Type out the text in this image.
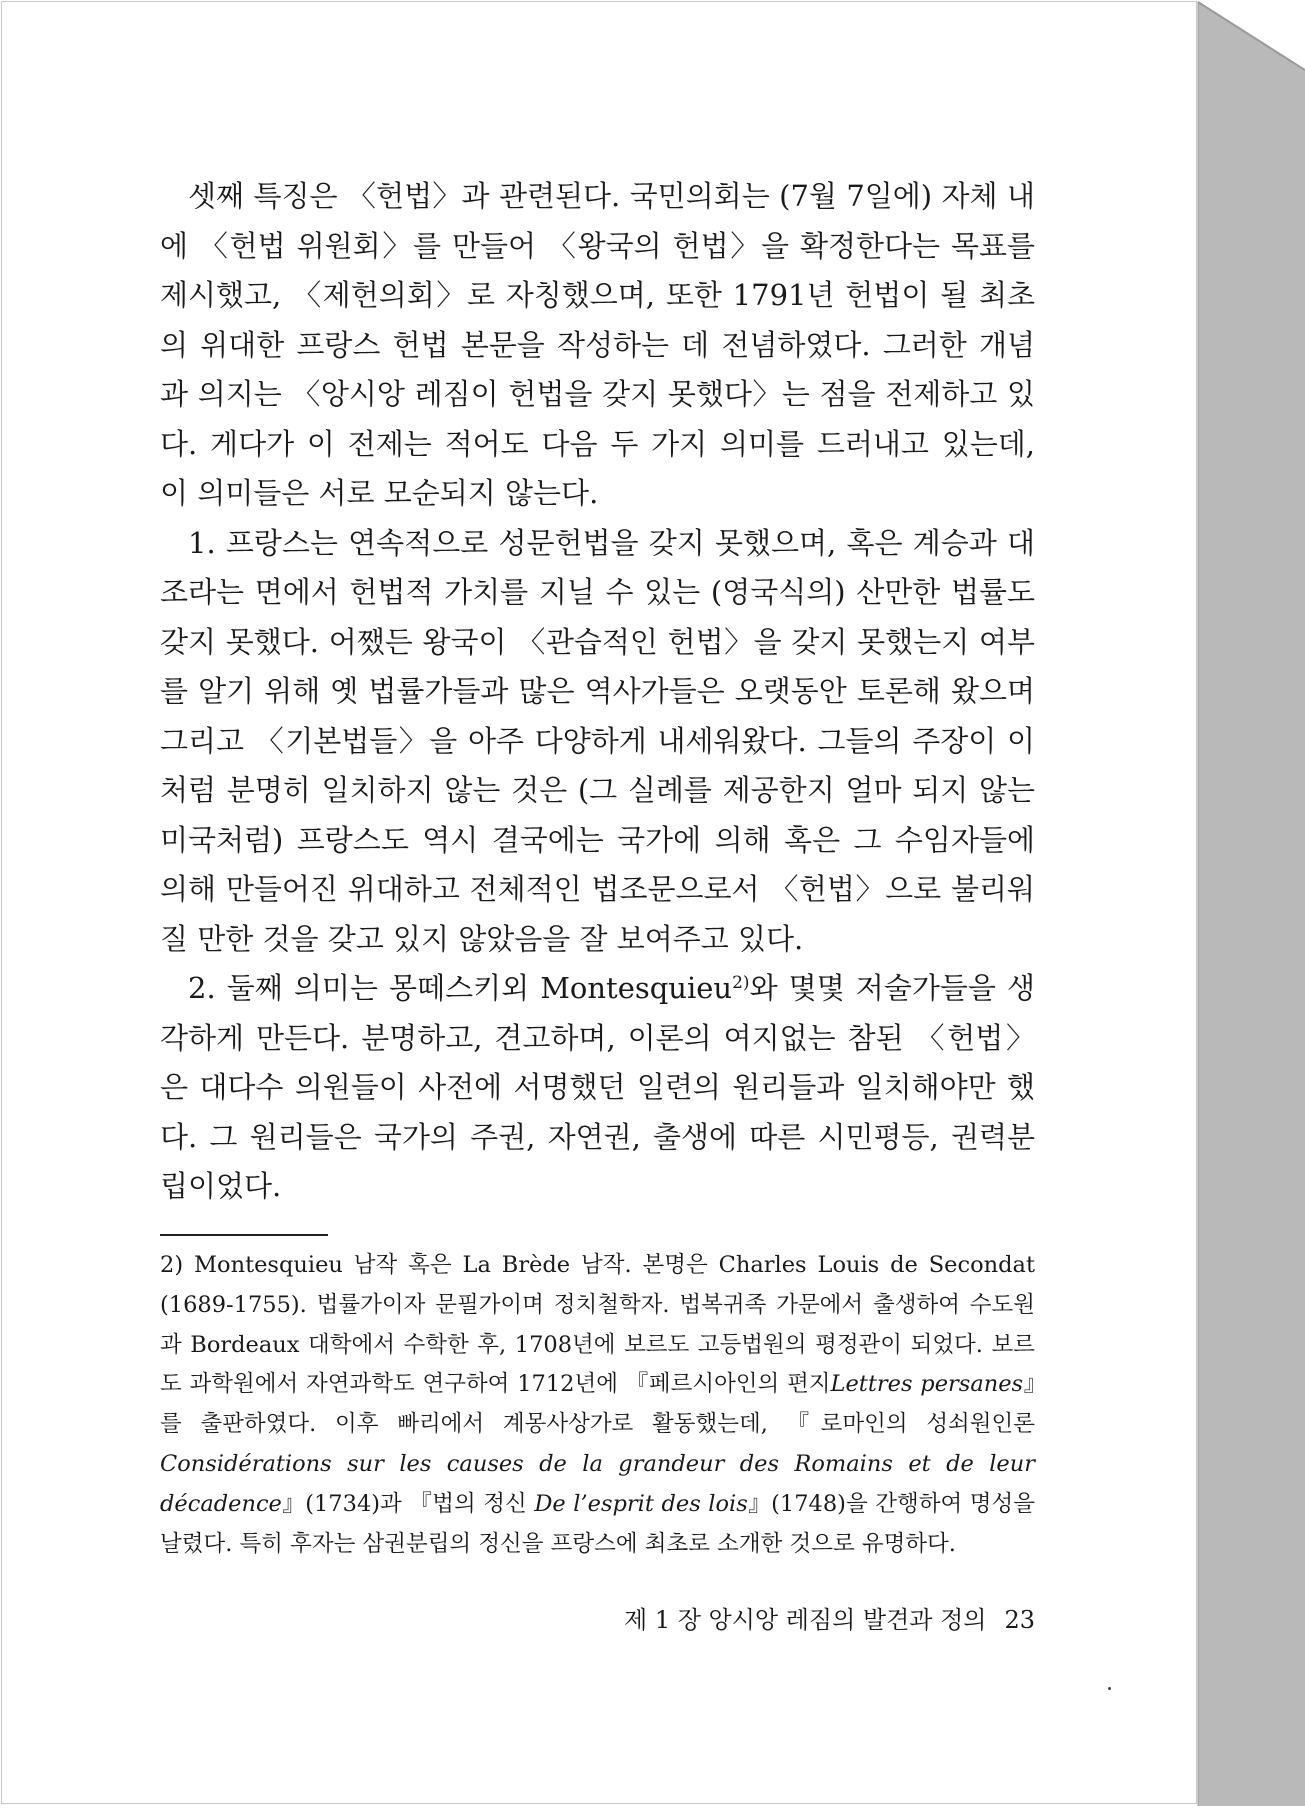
셋째 특징은 〈헌법〉과 관련된다. 국민의회는 (7월 7일에) 자체 내에 〈헌법 위원회〉를 만들어 〈왕국의 헌법〉을 확정한다는 목표를 제시했고, 〈제헌의회〉로 자칭했으며, 또한 1791년 헌법이 될 최초의 위대한 프랑스 헌법 본문을 작성하는 데 전념하였다. 그러한 개념과 의지는 〈앙시앙 레짐이 헌법을 갖지 못했다〉는 점을 전제하고 있다. 게다가 이 전제는 적어도 다음 두 가지 의미를 드러내고 있는데, 이 의미들은 서로 모순되지 않는다.

1. 프랑스는 연속적으로 성문헌법을 갖지 못했으며, 혹은 계승과 대조라는 면에서 헌법적 가치를 지닐 수 있는 (영국식의) 산만한 법률도 갖지 못했다. 어쨌든 왕국이 〈관습적인 헌법〉을 갖지 못했는지 여부를 알기 위해 옛 법률가들과 많은 역사가들은 오랫동안 토론해 왔으며 그리고 〈기본법들〉을 아주 다양하게 내세워왔다. 그들의 주장이 이처럼 분명히 일치하지 않는 것은 (그 실례를 제공한지 얼마 되지 않는 미국처럼) 프랑스도 역시 결국에는 국가에 의해 혹은 그 수임자들에 의해 만들어진 위대하고 전체적인 법조문으로서 〈헌법〉으로 불리워질 만한 것을 갖고 있지 않았음을 잘 보여주고 있다.

2. 둘째 의미는 몽떼스키외 Montesquieu$^{2)}$와 몇몇 저술가들을 생각하게 만든다. 분명하고, 견고하며, 이론의 여지없는 참된 〈헌법〉은 대다수 의원들이 사전에 서명했던 일련의 원리들과 일치해야만 했다. 그 원리들은 국가의 주권, 자연권, 출생에 따른 시민평등, 권력분립이었다.

2) Montesquieu 남작 혹은 La Brède 남작. 본명은 Charles Louis de Secondat (1689-1755). 법률가이자 문필가이며 정치철학자. 법복귀족 가문에서 출생하여 수도원과 Bordeaux 대학에서 수학한 후, 1708년에 보르도 고등법원의 평정관이 되었다. 보르도 과학원에서 자연과학도 연구하여 1712년에 『페르시아인의 편지Lettres persanes』를 출판하였다. 이후 빠리에서 계몽사상가로 활동했는데, 『로마인의 성쇠원인론Considérations sur les causes de la grandeur des Romains et de leur décadence』(1734)과 『법의 정신 De l’esprit des lois』(1748)을 간행하여 명성을 날렸다. 특히 후자는 삼권분립의 정신을 프랑스에 최초로 소개한 것으로 유명하다.
제 1 장 앙시앙 레짐의 발견과 정의 23
